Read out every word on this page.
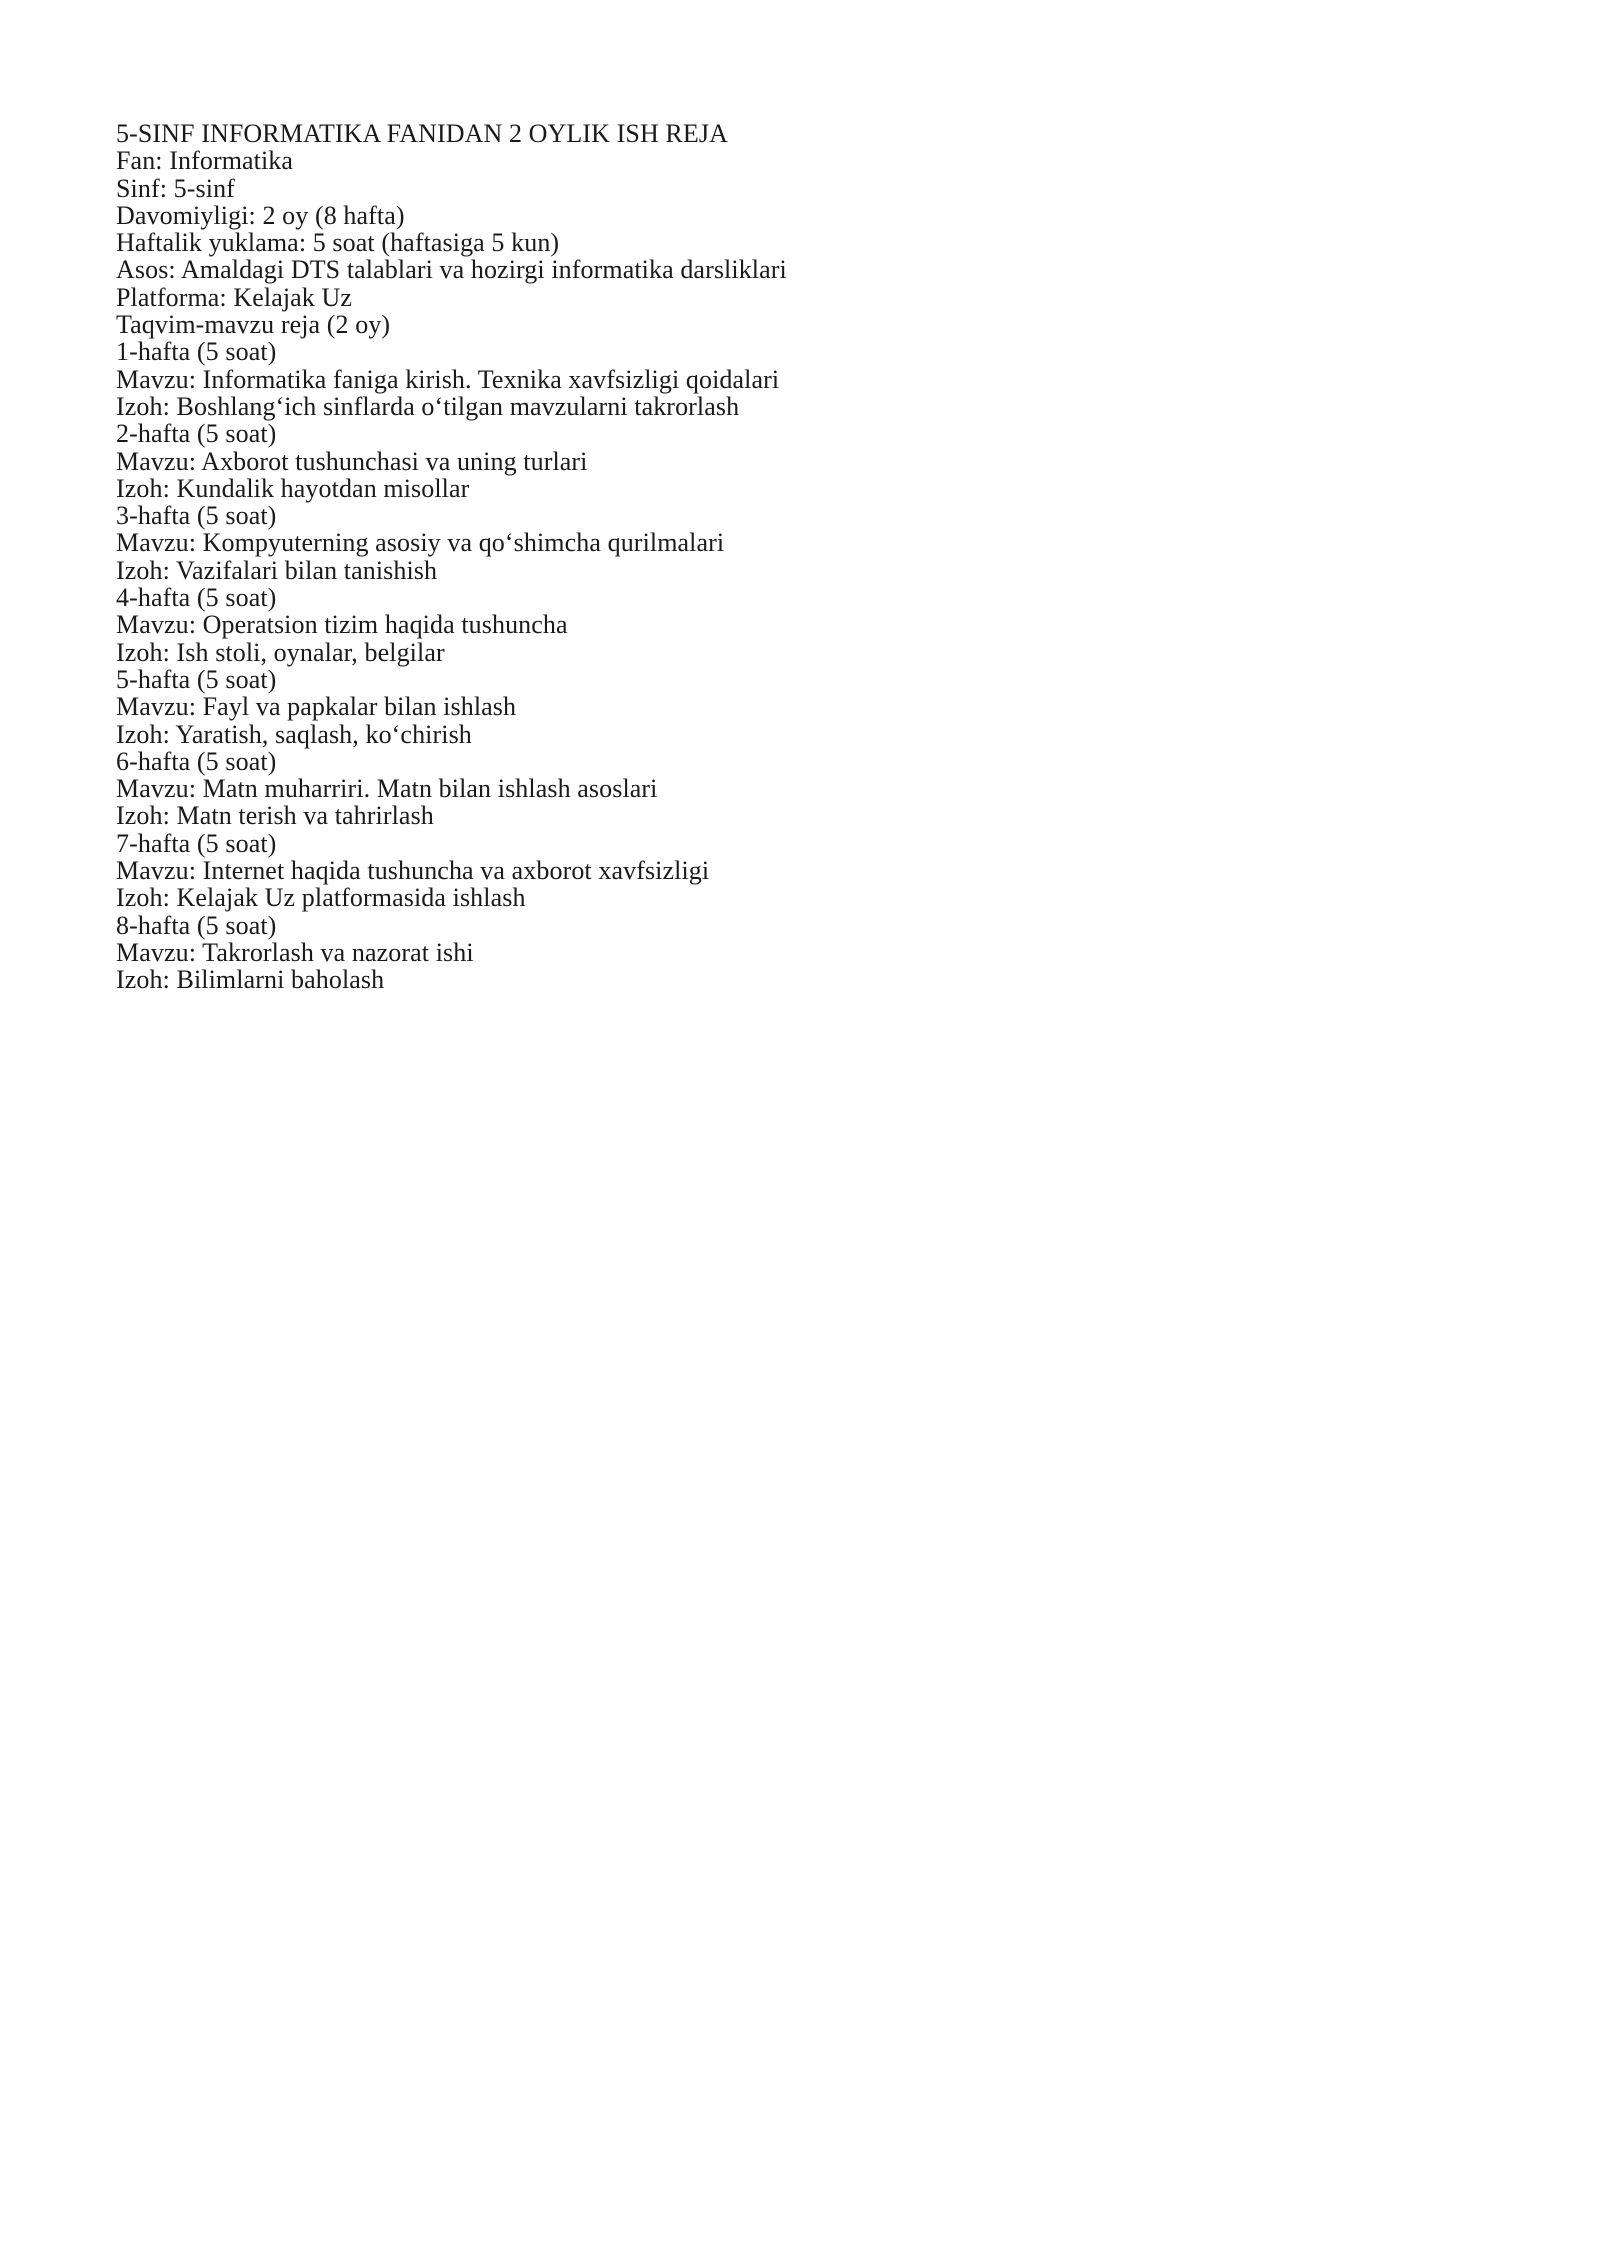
5-SINF INFORMATIKA FANIDAN 2 OYLIK ISH REJA
Fan: Informatika
Sinf: 5-sinf
Davomiyligi: 2 oy (8 hafta)
Haftalik yuklama: 5 soat (haftasiga 5 kun)
Asos: Amaldagi DTS talablari va hozirgi informatika darsliklari
Platforma: Kelajak Uz
Taqvim-mavzu reja (2 oy)
1-hafta (5 soat)
Mavzu: Informatika faniga kirish. Texnika xavfsizligi qoidalari
Izoh: Boshlangʻich sinflarda oʻtilgan mavzularni takrorlash
2-hafta (5 soat)
Mavzu: Axborot tushunchasi va uning turlari
Izoh: Kundalik hayotdan misollar
3-hafta (5 soat)
Mavzu: Kompyuterning asosiy va qoʻshimcha qurilmalari
Izoh: Vazifalari bilan tanishish
4-hafta (5 soat)
Mavzu: Operatsion tizim haqida tushuncha
Izoh: Ish stoli, oynalar, belgilar
5-hafta (5 soat)
Mavzu: Fayl va papkalar bilan ishlash
Izoh: Yaratish, saqlash, koʻchirish
6-hafta (5 soat)
Mavzu: Matn muharriri. Matn bilan ishlash asoslari
Izoh: Matn terish va tahrirlash
7-hafta (5 soat)
Mavzu: Internet haqida tushuncha va axborot xavfsizligi
Izoh: Kelajak Uz platformasida ishlash
8-hafta (5 soat)
Mavzu: Takrorlash va nazorat ishi
Izoh: Bilimlarni baholash
